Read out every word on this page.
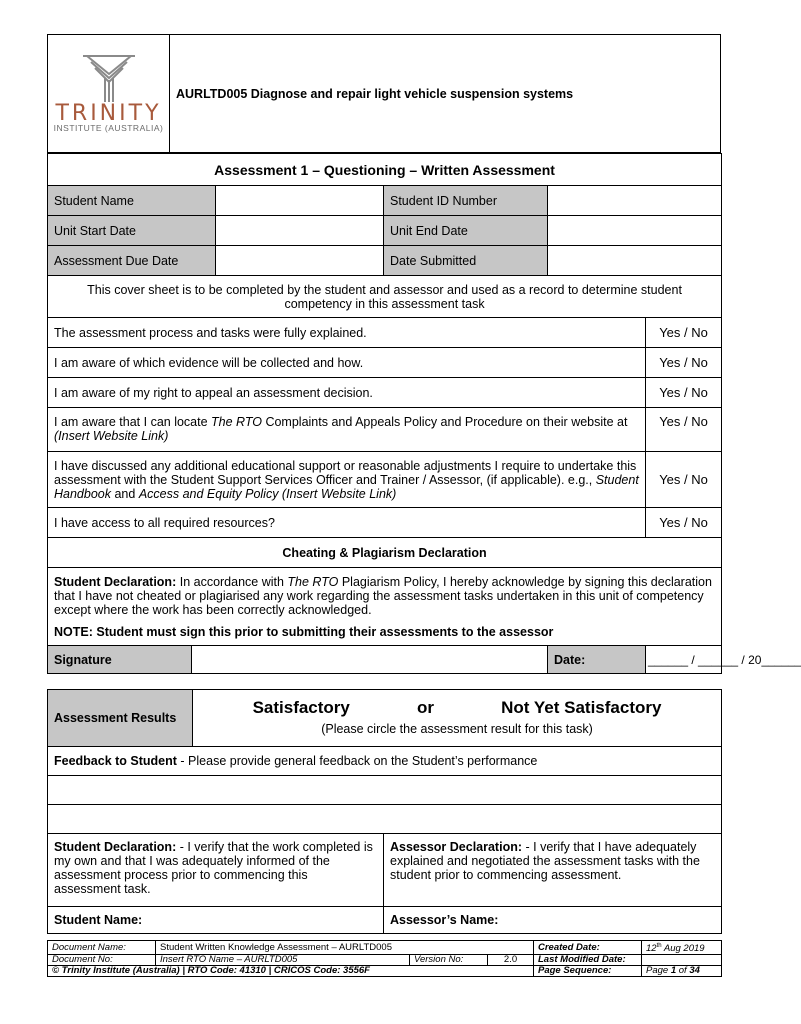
TRINITY
INSTITUTE (AUSTRALIA)
	AURLTD005 Diagnose and repair light vehicle suspension systems
Assessment 1 – Questioning – Written Assessment					
Student Name			Student ID Number		
Unit Start Date			Unit End Date		
Assessment Due Date			Date Submitted		
This cover sheet is to be completed by the student and assessor and used as a record to determine student competency in this assessment task					
The assessment process and tasks were fully explained.					Yes / No
I am aware of which evidence will be collected and how.					Yes / No
I am aware of my right to appeal an assessment decision.					Yes / No
I am aware that I can locate The RTO Complaints and Appeals Policy and Procedure on their website at (Insert Website Link)					Yes / No
I have discussed any additional educational support or reasonable adjustments I require to undertake this assessment with the Student Support Services Officer and Trainer / Assessor, (if applicable). e.g., Student Handbook and Access and Equity Policy (Insert Website Link)					Yes / No
I have access to all required resources?					Yes / No
Cheating & Plagiarism Declaration					

Student Declaration: In accordance with The RTO Plagiarism Policy, I hereby acknowledge by signing this declaration that I have not cheated or plagiarised any work regarding the assessment tasks undertaken in this unit of competency except where the work has been correctly acknowledged.
NOTE: Student must sign this prior to submitting their assessments to the assessor					

Signature				Date:	______ / ______ / 20______
Assessment Results	Satisfactory or Not Yet Satisfactory
(Please circle the assessment result for this task)	

Feedback to Student - Please provide general feedback on the Student’s performance		

Student Declaration: - I verify that the work completed is my own and that I was adequately informed of the assessment process prior to commencing this assessment task.		Assessor Declaration: - I verify that I have adequately explained and negotiated the assessment tasks with the student prior to commencing assessment.
Student Name:		Assessor’s Name:
Document Name:	Student Written Knowledge Assessment – AURLTD005			Created Date:	12th Aug 2019
Document No:	Insert RTO Name – AURLTD005	Version No:	2.0	Last Modified Date:	

© Trinity Institute (Australia) | RTO Code: 41310 | CRICOS Code: 3556F				Page Sequence:	Page 1 of 34
